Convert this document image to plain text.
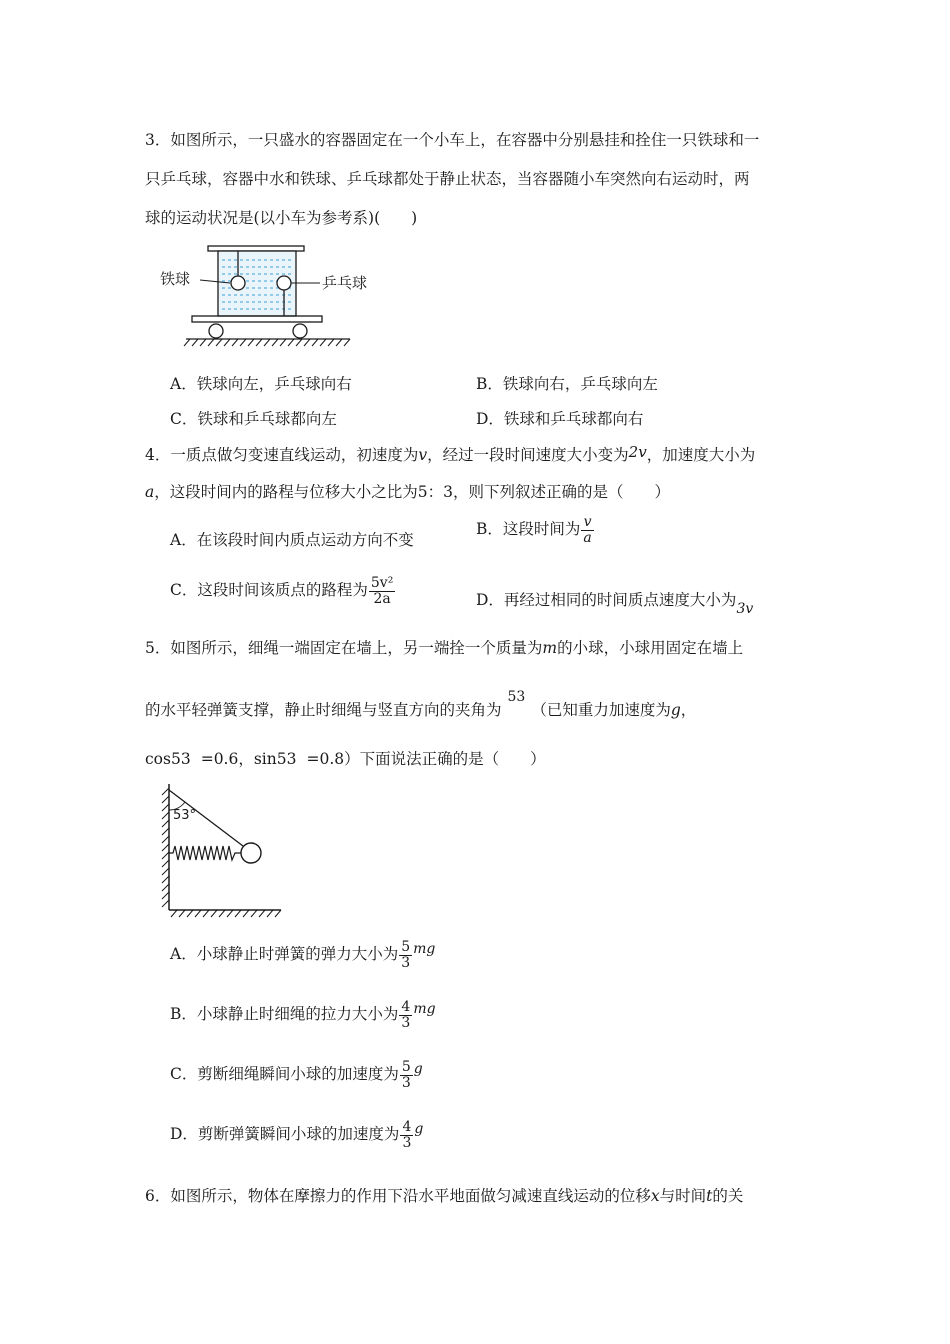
3．如图所示，一只盛水的容器固定在一个小车上，在容器中分别悬挂和拴住一只铁球和一
只乒乓球，容器中水和铁球、乒乓球都处于静止状态，当容器随小车突然向右运动时，两
球的运动状况是(以小车为参考系)(　　)
铁球	乒乓球
A．铁球向左，乒乓球向右	B．铁球向右，乒乓球向左
C．铁球和乒乓球都向左	D．铁球和乒乓球都向右
4．一质点做匀变速直线运动，初速度为v，经过一段时间速度大小变为2v，加速度大小为
a，这段时间内的路程与位移大小之比为5：3，则下列叙述正确的是（　　）
A．在该段时间内质点运动方向不变
B．这段时间为 $\frac{v}{a}$
C．这段时间该质点的路程为 $\frac{\text{5v²}}{2a}$	D．再经过相同的时间质点速度大小为3v
5．如图所示，细绳一端固定在墙上，另一端拴一个质量为m的小球，小球用固定在墙上
的水平轻弹簧支撑，静止时细绳与竖直方向的夹角为53（已知重力加速度为g，
cos53 =0.6，sin53 =0.8）下面说法正确的是（　　）
53°
A．小球静止时弹簧的弹力大小为 $\frac{5}{3}$ mg
B．小球静止时细绳的拉力大小为 $\frac{4}{3}$ mg
C．剪断细绳瞬间小球的加速度为 $\frac{5}{3}$ g
D．剪断弹簧瞬间小球的加速度为 $\frac{4}{3}$ g
6．如图所示，物体在摩擦力的作用下沿水平地面做匀减速直线运动的位移x与时间t的关
